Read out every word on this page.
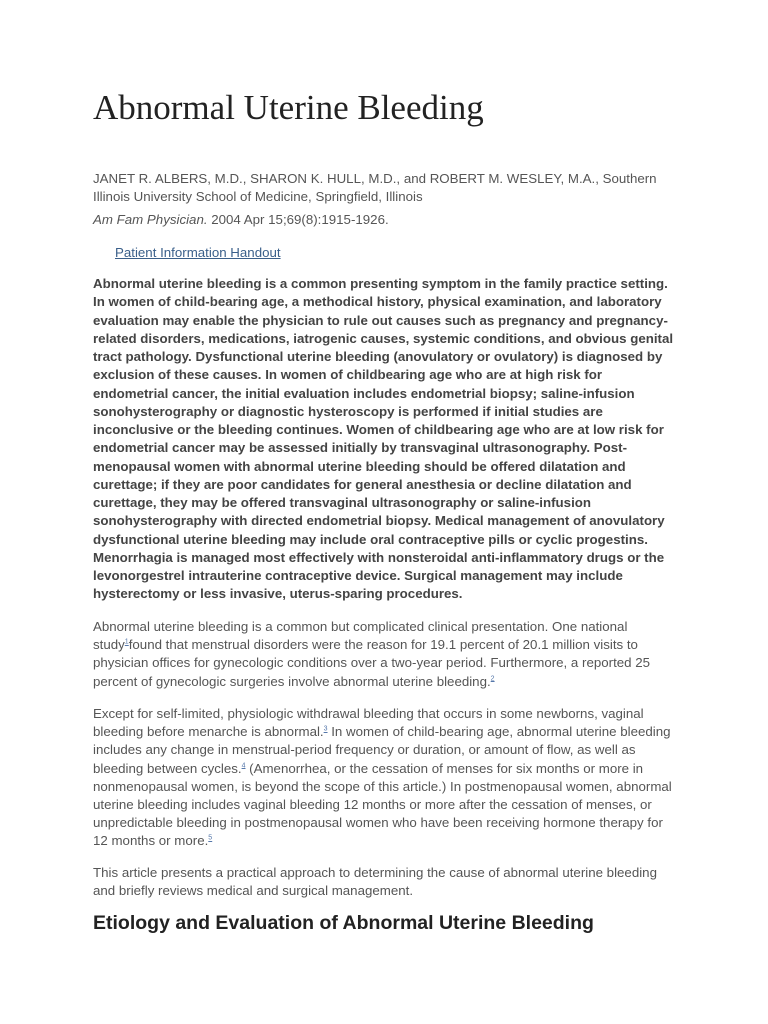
Abnormal Uterine Bleeding

JANET R. ALBERS, M.D., SHARON K. HULL, M.D., and ROBERT M. WESLEY, M.A., Southern Illinois University School of Medicine, Springfield, Illinois

Am Fam Physician. 2004 Apr 15;69(8):1915-1926.

Patient Information Handout

Abnormal uterine bleeding is a common presenting symptom in the family practice setting. In women of child-bearing age, a methodical history, physical examination, and laboratory evaluation may enable the physician to rule out causes such as pregnancy and pregnancy-related disorders, medications, iatrogenic causes, systemic conditions, and obvious genital tract pathology. Dysfunctional uterine bleeding (anovulatory or ovulatory) is diagnosed by exclusion of these causes. In women of childbearing age who are at high risk for endometrial cancer, the initial evaluation includes endometrial biopsy; saline-infusion sonohysterography or diagnostic hysteroscopy is performed if initial studies are inconclusive or the bleeding continues. Women of childbearing age who are at low risk for endometrial cancer may be assessed initially by transvaginal ultrasonography. Post-menopausal women with abnormal uterine bleeding should be offered dilatation and curettage; if they are poor candidates for general anesthesia or decline dilatation and curettage, they may be offered transvaginal ultrasonography or saline-infusion sonohysterography with directed endometrial biopsy. Medical management of anovulatory dysfunctional uterine bleeding may include oral contraceptive pills or cyclic progestins. Menorrhagia is managed most effectively with nonsteroidal anti-inflammatory drugs or the levonorgestrel intrauterine contraceptive device. Surgical management may include hysterectomy or less invasive, uterus-sparing procedures.

Abnormal uterine bleeding is a common but complicated clinical presentation. One national study$^1$found that menstrual disorders were the reason for 19.1 percent of 20.1 million visits to physician offices for gynecologic conditions over a two-year period. Furthermore, a reported 25 percent of gynecologic surgeries involve abnormal uterine bleeding.$^2$

Except for self-limited, physiologic withdrawal bleeding that occurs in some newborns, vaginal bleeding before menarche is abnormal.$^3$ In women of child-bearing age, abnormal uterine bleeding includes any change in menstrual-period frequency or duration, or amount of flow, as well as bleeding between cycles.$^4$ (Amenorrhea, or the cessation of menses for six months or more in nonmenopausal women, is beyond the scope of this article.) In postmenopausal women, abnormal uterine bleeding includes vaginal bleeding 12 months or more after the cessation of menses, or unpredictable bleeding in postmenopausal women who have been receiving hormone therapy for 12 months or more.$^5$

This article presents a practical approach to determining the cause of abnormal uterine bleeding and briefly reviews medical and surgical management.

Etiology and Evaluation of Abnormal Uterine Bleeding
